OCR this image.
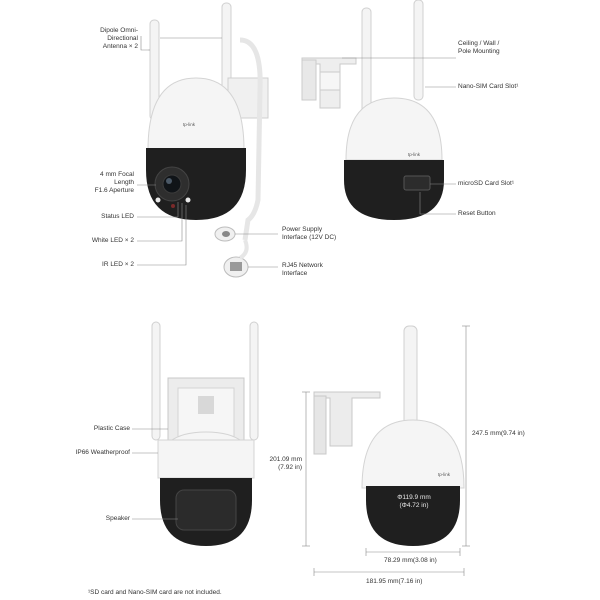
tp-link
tp-link
tp-link
Dipole Omni-
Directional
Antenna × 2
4 mm Focal
Length
F1.6 Aperture
Status LED
White LED × 2
IR LED × 2
Power Supply
Interface (12V DC)
RJ45 Network
Interface
Ceiling / Wall /
Pole Mounting
Nano-SIM Card Slot¹
microSD Card Slot¹
Reset Button
Plastic Case
IP66 Weatherproof
Speaker
247.5 mm(9.74 in)
201.09 mm
(7.92 in)
Φ119.9 mm
(Φ4.72 in)
78.29 mm(3.08 in)
181.95 mm(7.16 in)
¹SD card and Nano-SIM card are not included.
